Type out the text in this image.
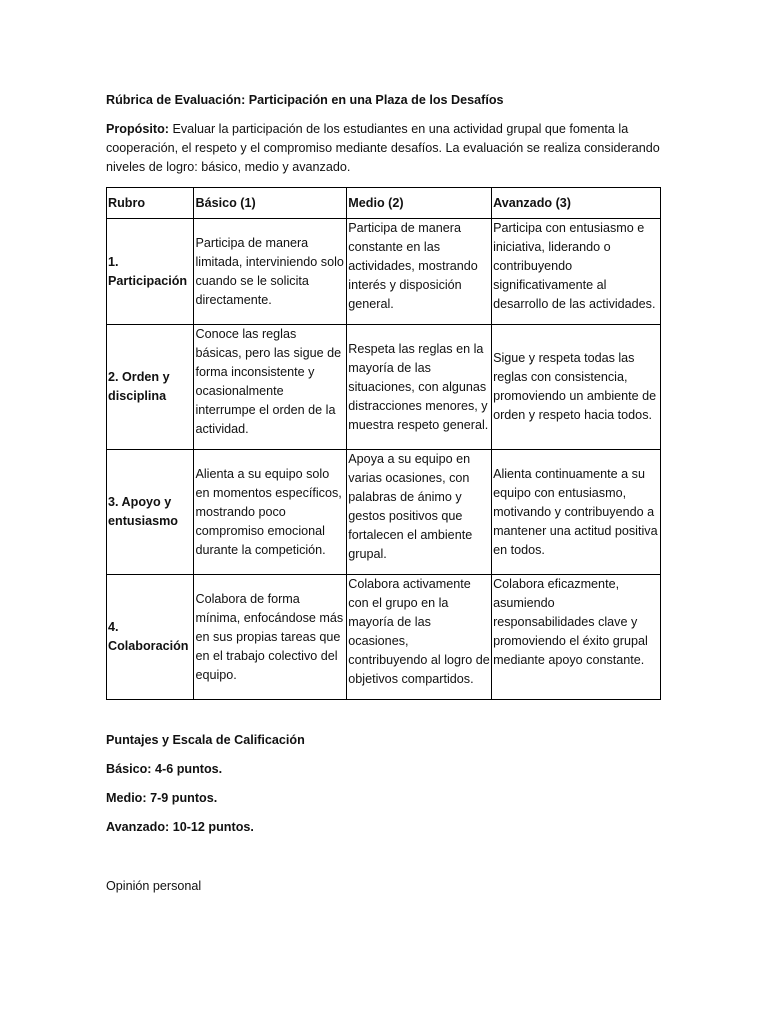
Rúbrica de Evaluación: Participación en una Plaza de los Desafíos
Propósito: Evaluar la participación de los estudiantes en una actividad grupal que fomenta la cooperación, el respeto y el compromiso mediante desafíos. La evaluación se realiza considerando niveles de logro: básico, medio y avanzado.
Rubro	Básico (1)	Medio (2)	Avanzado (3)
1. Participación	Participa de manera limitada, interviniendo solo cuando se le solicita directamente.	Participa de manera constante en las actividades, mostrando interés y disposición general.	Participa con entusiasmo e iniciativa, liderando o contribuyendo significativamente al desarrollo de las actividades.
2. Orden y disciplina	Conoce las reglas básicas, pero las sigue de forma inconsistente y ocasionalmente interrumpe el orden de la actividad.	Respeta las reglas en la mayoría de las situaciones, con algunas distracciones menores, y muestra respeto general.	Sigue y respeta todas las reglas con consistencia, promoviendo un ambiente de orden y respeto hacia todos.
3. Apoyo y entusiasmo	Alienta a su equipo solo en momentos específicos, mostrando poco compromiso emocional durante la competición.	Apoya a su equipo en varias ocasiones, con palabras de ánimo y gestos positivos que fortalecen el ambiente grupal.	Alienta continuamente a su equipo con entusiasmo, motivando y contribuyendo a mantener una actitud positiva en todos.
4. Colaboración	Colabora de forma mínima, enfocándose más en sus propias tareas que en el trabajo colectivo del equipo.	Colabora activamente con el grupo en la mayoría de las ocasiones, contribuyendo al logro de objetivos compartidos.	Colabora eficazmente, asumiendo responsabilidades clave y promoviendo el éxito grupal mediante apoyo constante.
Puntajes y Escala de Calificación
Básico: 4-6 puntos.
Medio: 7-9 puntos.
Avanzado: 10-12 puntos.
Opinión personal
